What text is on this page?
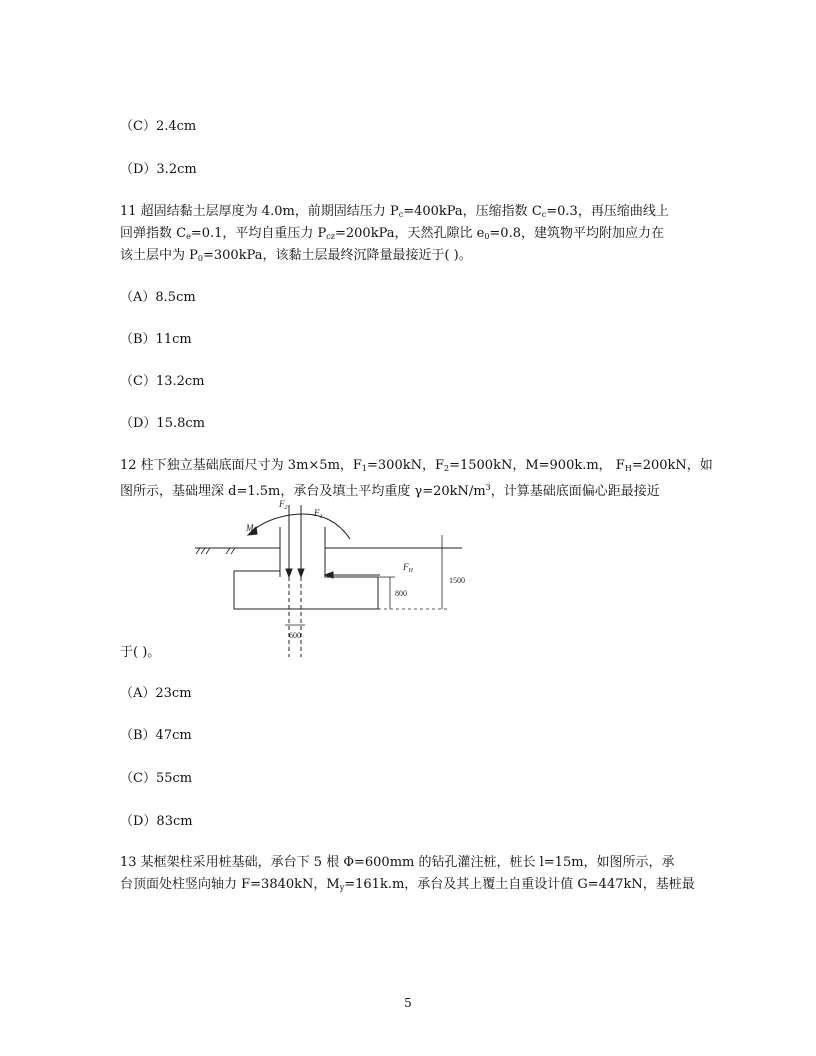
（C）2.4cm
（D）3.2cm
11 超固结黏土层厚度为 4.0m，前期固结压力 $P_c=400kPa$，压缩指数 $C_c=0.3$，再压缩曲线上
回弹指数 $C_e=0.1$，平均自重压力 $P_{cz}=200kPa$，天然孔隙比 $e_0=0.8$，建筑物平均附加应力在
该土层中为 $P_0=300kPa$，该黏土层最终沉降量最接近于( )。
（A）8.5cm
（B）11cm
（C）13.2cm
（D）15.8cm
12 柱下独立基础底面尺寸为 3m×5m，$F_1=300kN$，$F_2=1500kN$，M=900k.m， $F_H=200kN$，如
图所示，基础埋深 d=1.5m，承台及填土平均重度 $\gamma=20kN/m^3$，计算基础底面偏心距最接近
$F_2$	$F_1$
M
$F_H$
800
1500
600
于( )。
（A）23cm
（B）47cm
（C）55cm
（D）83cm
13 某框架柱采用桩基础，承台下 5 根 Φ=600mm 的钻孔灌注桩，桩长 l=15m，如图所示，承
台顶面处柱竖向轴力 F=3840kN，$M_y=161k.m$，承台及其上覆土自重设计值 G=447kN，基桩最
5
